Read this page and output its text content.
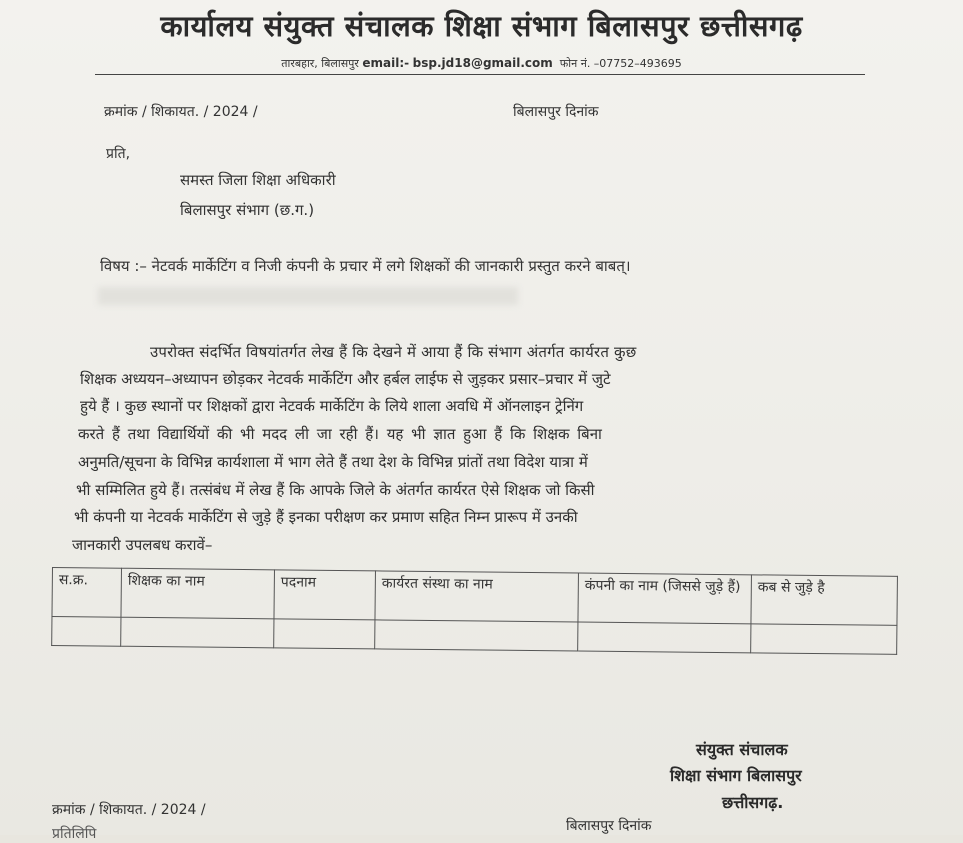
कार्यालय संयुक्त संचालक शिक्षा संभाग बिलासपुर छत्तीसगढ़
तारबहार, बिलासपुर email:- bsp.jd18@gmail.com फोन नं. –07752–493695
क्रमांक / शिकायत. / 2024 /	बिलासपुर दिनांक
प्रति,
समस्त जिला शिक्षा अधिकारी
बिलासपुर संभाग (छ.ग.)
विषय :– नेटवर्क मार्केटिंग व निजी कंपनी के प्रचार में लगे शिक्षकों की जानकारी प्रस्तुत करने बाबत्।
उपरोक्त संदर्भित विषयांतर्गत लेख हैं कि देखने में आया हैं कि संभाग अंतर्गत कार्यरत कुछ
शिक्षक अध्ययन–अध्यापन छोड़कर नेटवर्क मार्केटिंग और हर्बल लाईफ से जुड़कर प्रसार–प्रचार में जुटे
हुये हैं । कुछ स्थानों पर शिक्षकों द्वारा नेटवर्क मार्केटिंग के लिये शाला अवधि में ऑनलाइन ट्रेनिंग
करते हैं तथा विद्यार्थियों की भी मदद ली जा रही हैं। यह भी ज्ञात हुआ हैं कि शिक्षक बिना
अनुमति/सूचना के विभिन्न कार्यशाला में भाग लेते हैं तथा देश के विभिन्न प्रांतों तथा विदेश यात्रा में
भी सम्मिलित हुये हैं। तत्संबंध में लेख हैं कि आपके जिले के अंतर्गत कार्यरत ऐसे शिक्षक जो किसी
भी कंपनी या नेटवर्क मार्केटिंग से जुड़े हैं इनका परीक्षण कर प्रमाण सहित निम्न प्रारूप में उनकी
जानकारी उपलबध करावें–
स.क्र.	शिक्षक का नाम	पदनाम	कार्यरत संस्था का नाम	कंपनी का नाम (जिससे जुड़े हैं)	कब से जुड़े है

संयुक्त संचालक
शिक्षा संभाग बिलासपुर
छत्तीसगढ़.
क्रमांक / शिकायत. / 2024 /
प्रतिलिपि	बिलासपुर दिनांक
